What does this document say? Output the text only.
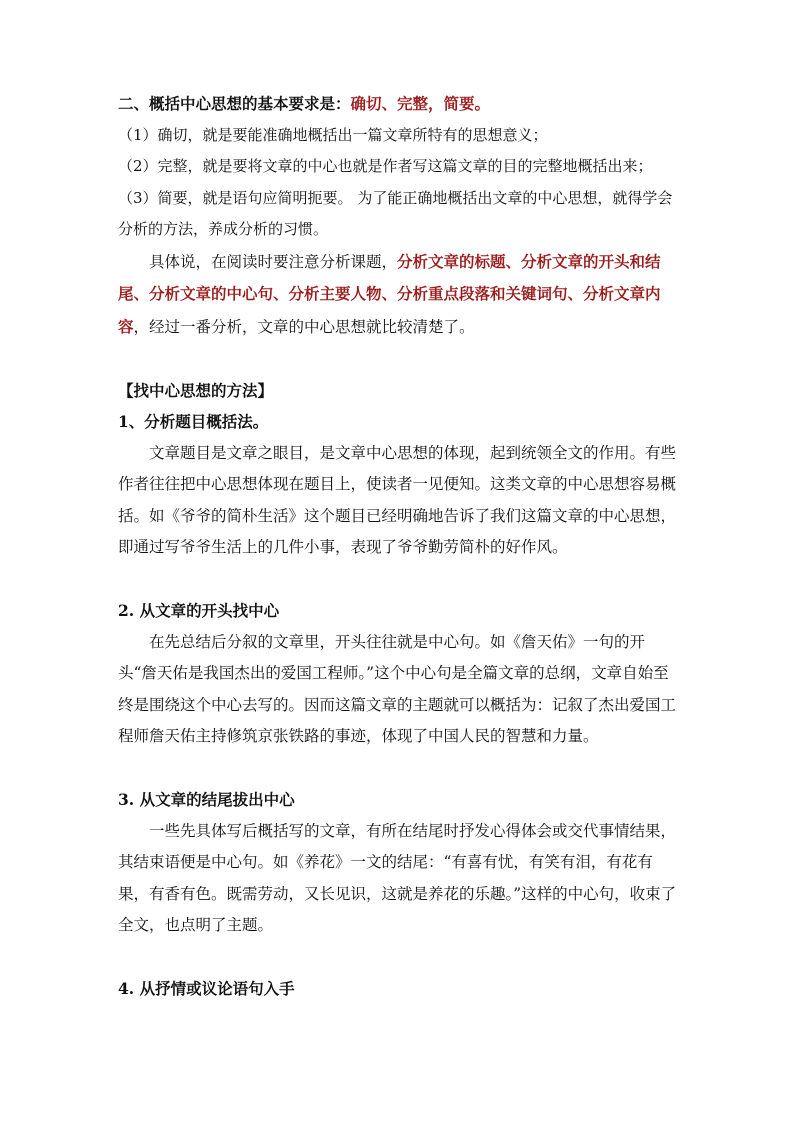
二、概括中心思想的基本要求是：确切、完整，简要。

（1）确切，就是要能准确地概括出一篇文章所特有的思想意义；

（2）完整，就是要将文章的中心也就是作者写这篇文章的目的完整地概括出来；

（3）简要，就是语句应简明扼要。 为了能正确地概括出文章的中心思想，就得学会分析的方法，养成分析的习惯。

具体说，在阅读时要注意分析课题，分析文章的标题、分析文章的开头和结尾、分析文章的中心句、分析主要人物、分析重点段落和关键词句、分析文章内容，经过一番分析，文章的中心思想就比较清楚了。

【找中心思想的方法】

1、分析题目概括法。

文章题目是文章之眼目，是文章中心思想的体现，起到统领全文的作用。有些作者往往把中心思想体现在题目上，使读者一见便知。这类文章的中心思想容易概括。如《爷爷的简朴生活》这个题目已经明确地告诉了我们这篇文章的中心思想，即通过写爷爷生活上的几件小事，表现了爷爷勤劳简朴的好作风。

2. 从文章的开头找中心

在先总结后分叙的文章里，开头往往就是中心句。如《詹天佑》一句的开头“詹天佑是我国杰出的爱国工程师。”这个中心句是全篇文章的总纲，文章自始至终是围绕这个中心去写的。因而这篇文章的主题就可以概括为：记叙了杰出爱国工程师詹天佑主持修筑京张铁路的事迹，体现了中国人民的智慧和力量。

3. 从文章的结尾拔出中心

一些先具体写后概括写的文章，有所在结尾时抒发心得体会或交代事情结果，其结束语便是中心句。如《养花》一文的结尾：“有喜有忧，有笑有泪，有花有果，有香有色。既需劳动，又长见识，这就是养花的乐趣。”这样的中心句，收束了全文，也点明了主题。

4. 从抒情或议论语句入手
